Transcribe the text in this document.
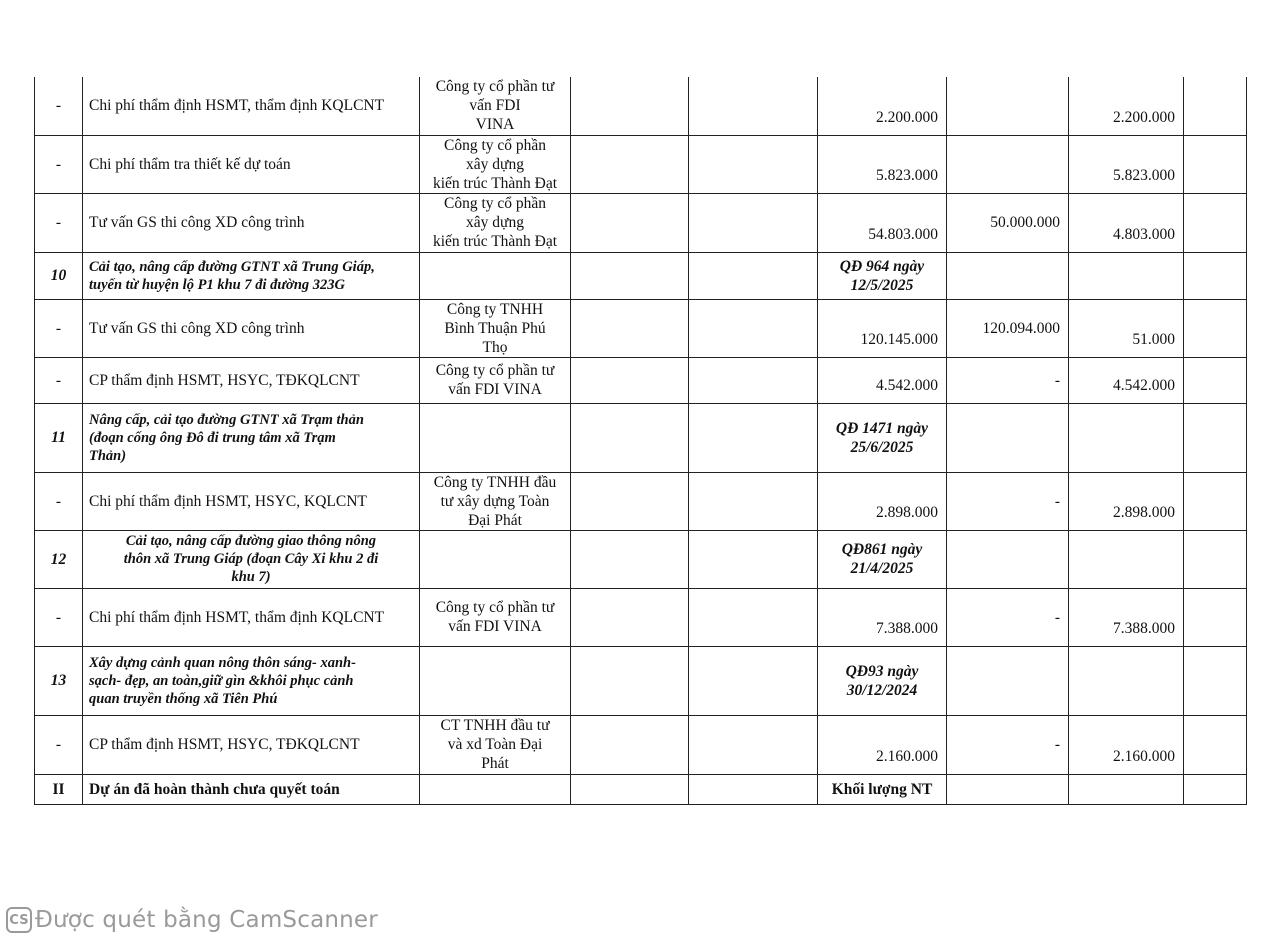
-	Chi phí thẩm định HSMT, thẩm định KQLCNT	Công ty cổ phần tư
vấn FDI
VINA			2.200.000		2.200.000	
-	Chi phí thẩm tra thiết kế dự toán	Công ty cổ phần
xây dựng
kiến trúc Thành Đạt			5.823.000		5.823.000	
-	Tư vấn GS thi công XD công trình	Công ty cổ phần
xây dựng
kiến trúc Thành Đạt			54.803.000	50.000.000	4.803.000	
10	Cải tạo, nâng cấp đường GTNT xã Trung Giáp,
tuyến từ huyện lộ P1 khu 7 đi đường 323G				QĐ 964 ngày
12/5/2025			

-	Tư vấn GS thi công XD công trình	Công ty TNHH
Bình Thuận Phú
Thọ			120.145.000	120.094.000	51.000	
-	CP thẩm định HSMT, HSYC, TĐKQLCNT	Công ty cổ phần tư
vấn FDI VINA			4.542.000	-	4.542.000	
11	Nâng cấp, cải tạo đường GTNT xã Trạm thản
(đoạn cống ông Đô đi trung tâm xã Trạm
Thản)				QĐ 1471 ngày
25/6/2025			

-	Chi phí thẩm định HSMT, HSYC, KQLCNT	Công ty TNHH đầu
tư xây dựng Toàn
Đại Phát			2.898.000	-	2.898.000	
12	Cải tạo, nâng cấp đường giao thông nông
thôn xã Trung Giáp (đoạn Cây Xi khu 2 đi
khu 7)				QĐ861 ngày
21/4/2025			

-	Chi phí thẩm định HSMT, thẩm định KQLCNT	Công ty cổ phần tư
vấn FDI VINA			7.388.000	-	7.388.000	
13	Xây dựng cảnh quan nông thôn sáng- xanh-
sạch- đẹp, an toàn,giữ gìn &khôi phục cảnh
quan truyền thống xã Tiên Phú				QĐ93 ngày
30/12/2024			

-	CP thẩm định HSMT, HSYC, TĐKQLCNT	CT TNHH đầu tư
và xd Toàn Đại
Phát			2.160.000	-	2.160.000	
II	Dự án đã hoàn thành chưa quyết toán				Khối lượng NT			
CS Được quét bằng CamScanner
